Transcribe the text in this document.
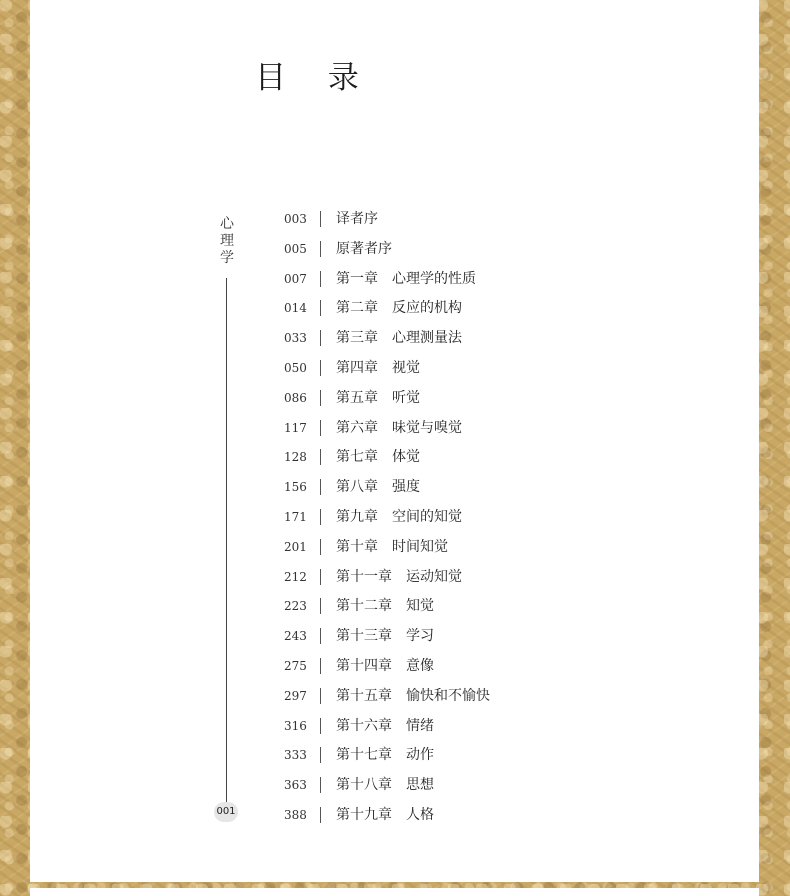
目 录
心
理
学
001
003	译者序
005	原著者序
007	第一章　心理学的性质
014	第二章　反应的机构
033	第三章　心理测量法
050	第四章　视觉
086	第五章　听觉
117	第六章　味觉与嗅觉
128	第七章　体觉
156	第八章　强度
171	第九章　空间的知觉
201	第十章　时间知觉
212	第十一章　运动知觉
223	第十二章　知觉
243	第十三章　学习
275	第十四章　意像
297	第十五章　愉快和不愉快
316	第十六章　情绪
333	第十七章　动作
363	第十八章　思想
388	第十九章　人格
